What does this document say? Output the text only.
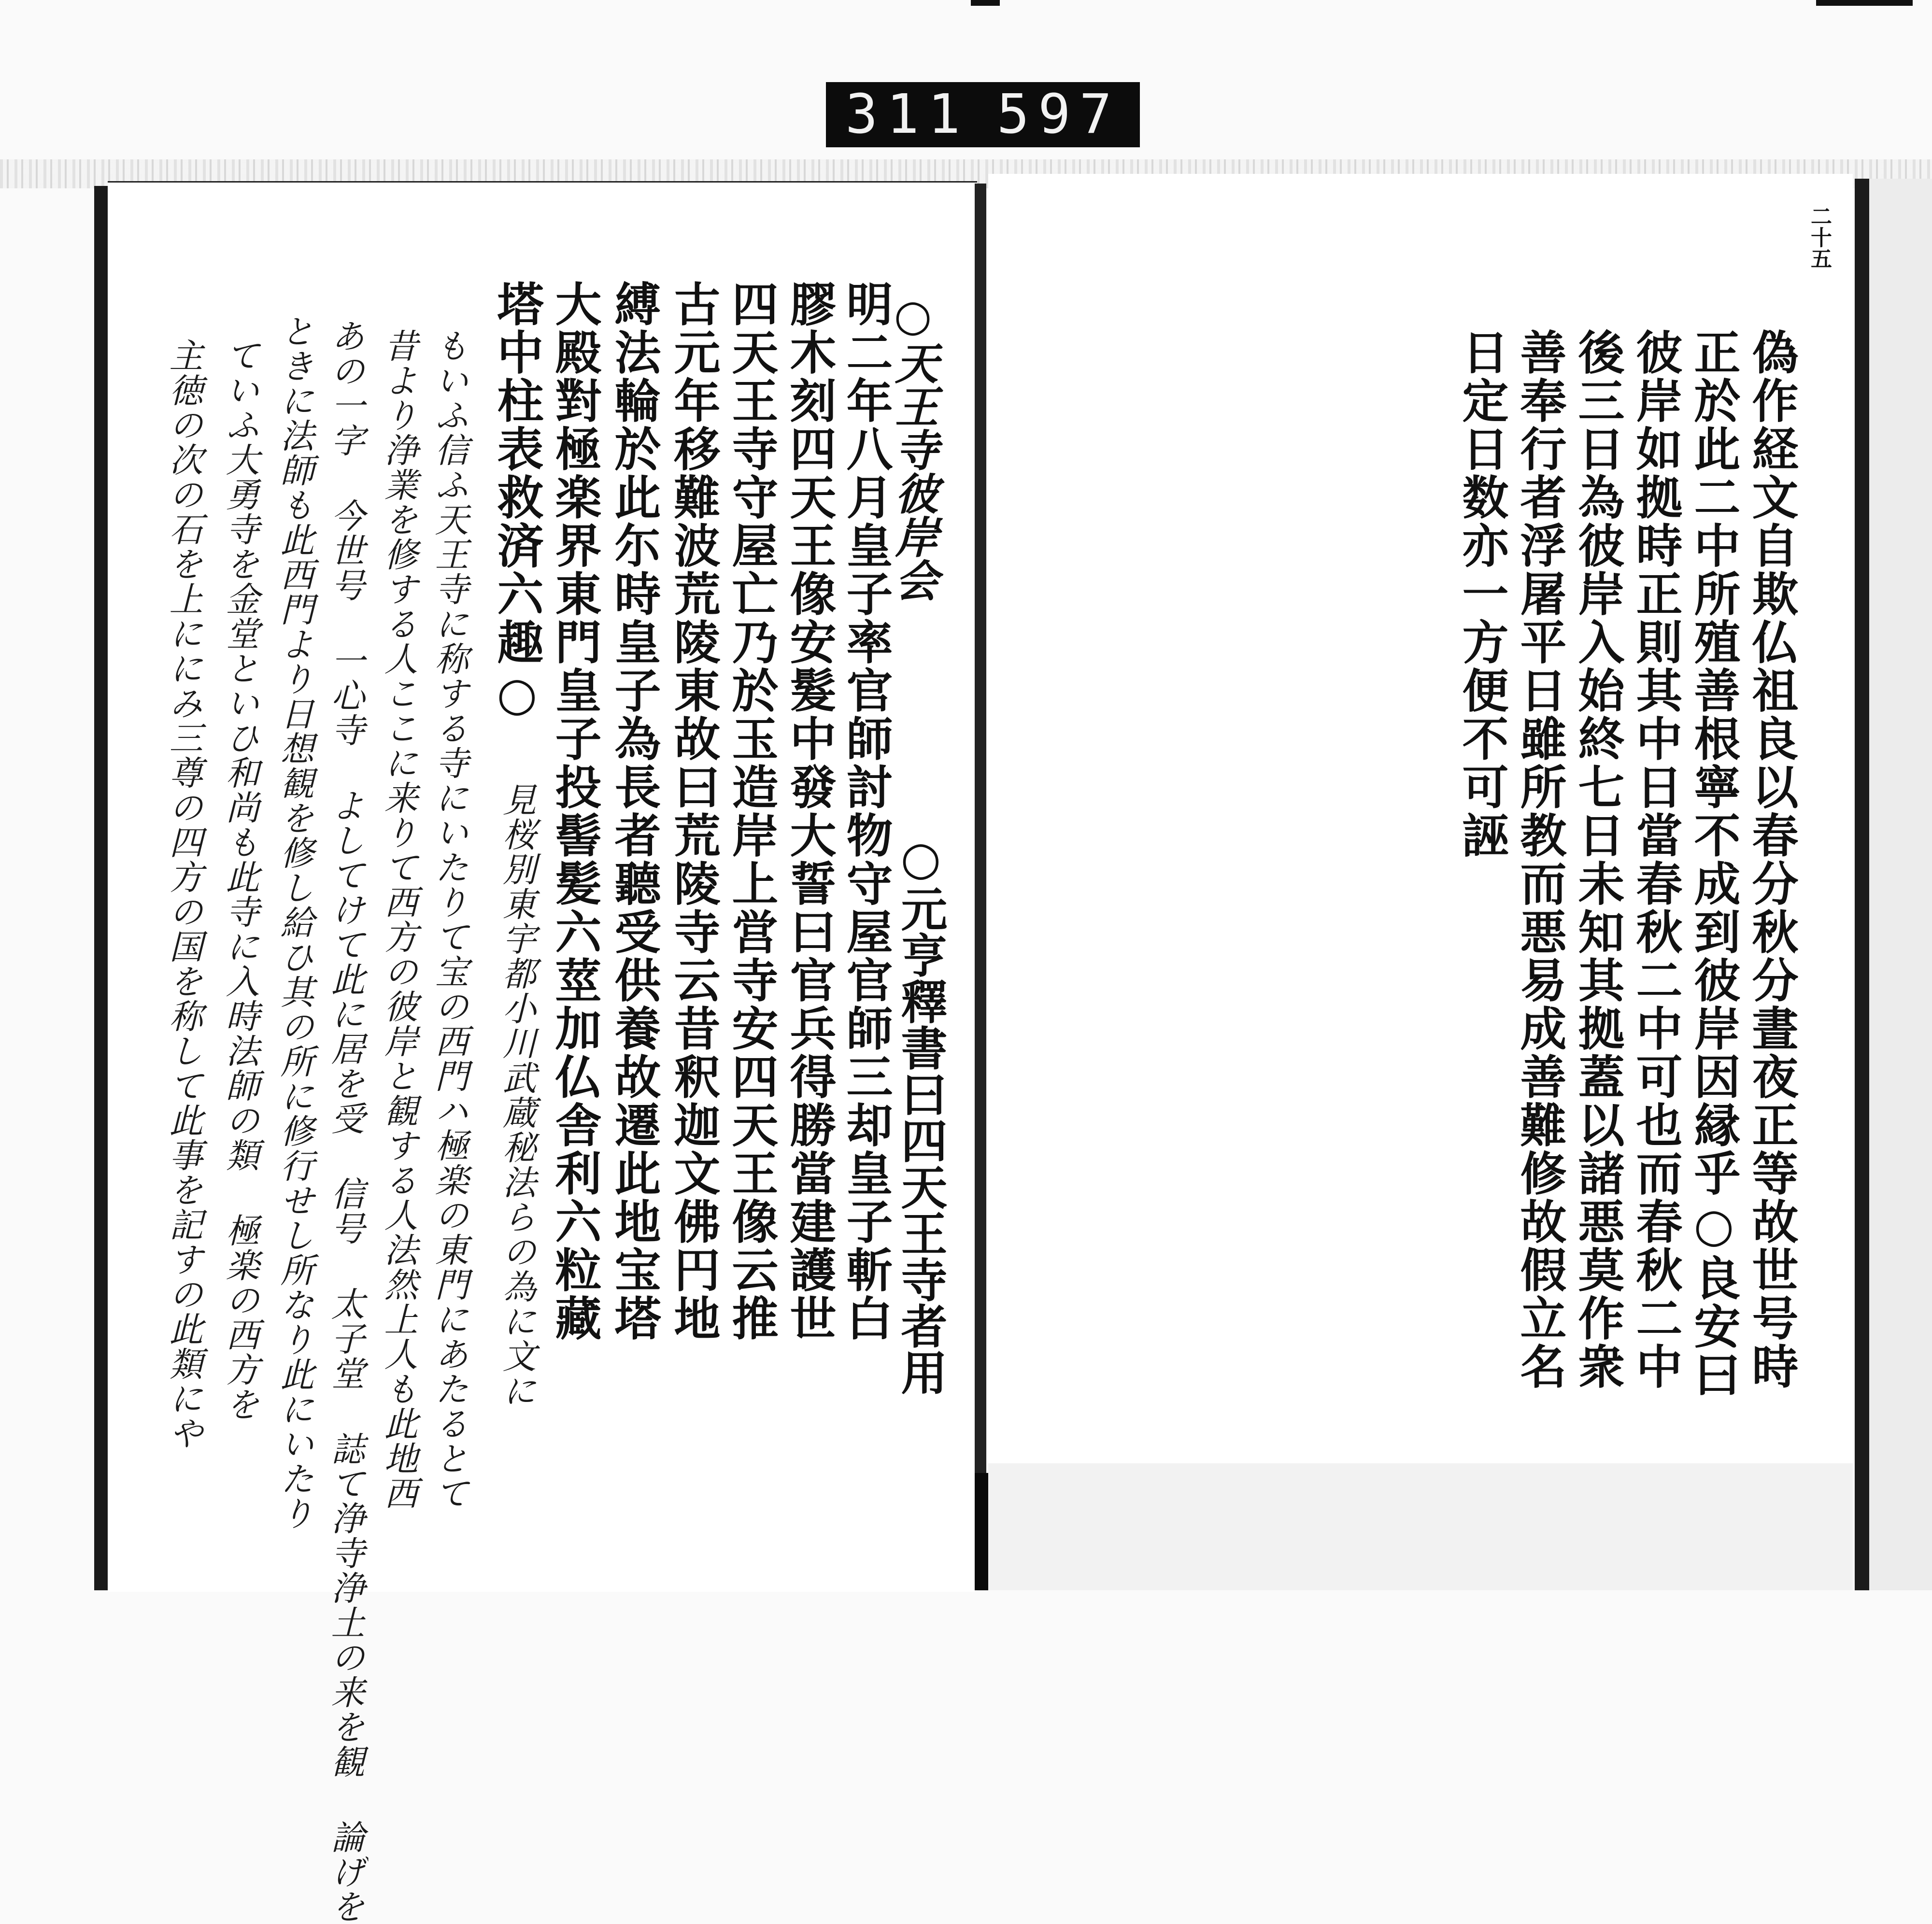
311 597
二十五
○元亨釋書曰四天王寺者用
明二年八月皇子率官師討物守屋官師三却皇子斬白
膠木刻四天王像安髮中發大誓曰官兵得勝當建護世
四天王寺守屋亡乃於玉造岸上営寺安四天王像云推
古元年移難波荒陵東故曰荒陵寺云昔釈迦文佛円地
縛法輪於此尓時皇子為長者聽受供養故遷此地宝塔
大殿對極楽界東門皇子投髻髪六莖加仏舎利六粒藏
塔中柱表救済六趣○	○天王寺彼岸会
見桜別東宇都小川武蔵秘法らの為に文に
もいふ信ふ天王寺に称する寺にいたりて宝の西門ハ極楽の東門にあたるとて
昔より浄業を修する人ここに来りて西方の彼岸と観する人法然上人も此地西
あの一字 今世号 一心寺 よしてけて此に居を受 信号 太子堂 誌て浄寺浄土の来を観 論げを
ときに法師も此西門より日想観を修し給ひ其の所に修行せし所なり此にいたり
ていふ大勇寺を金堂といひ和尚も此寺に入時法師の類 極楽の西方を
主徳の次の石を上ににみ三尊の四方の国を称して此事を記すの此類にや	偽作経文自欺仏祖良以春分秋分晝夜正等故世号時
正於此二中所殖善根寧不成到彼岸因縁乎○良安曰
彼岸如拠時正則其中日當春秋二中可也而春秋二中
後三日為彼岸入始終七日未知其拠蓋以諸悪莫作衆
善奉行者浮屠平日雖所教而悪易成善難修故假立名
日定日数亦一方便不可誣
